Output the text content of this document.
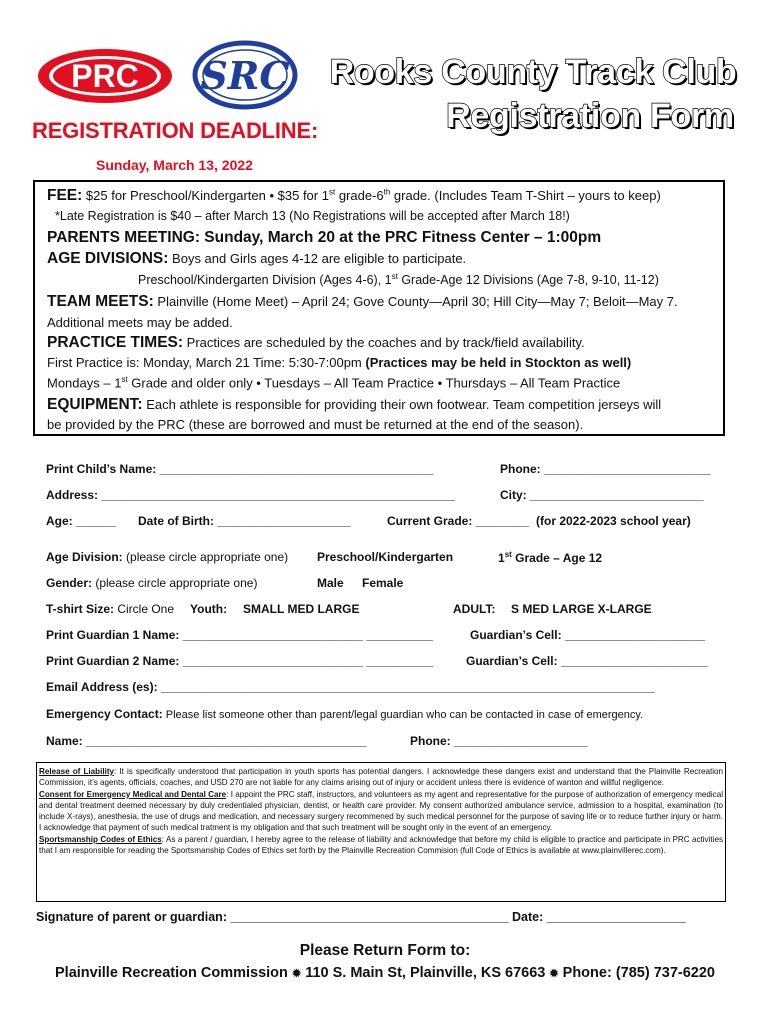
PRC SRC	Rooks County Track Club
Registration Form
REGISTRATION DEADLINE:
Sunday, March 13, 2022
FEE: $25 for Preschool/Kindergarten • $35 for 1st grade-6th grade. (Includes Team T-Shirt – yours to keep)
*Late Registration is $40 – after March 13 (No Registrations will be accepted after March 18!)
PARENTS MEETING: Sunday, March 20 at the PRC Fitness Center – 1:00pm
AGE DIVISIONS: Boys and Girls ages 4-12 are eligible to participate.
Preschool/Kindergarten Division (Ages 4-6), 1st Grade-Age 12 Divisions (Age 7-8, 9-10, 11-12)
TEAM MEETS: Plainville (Home Meet) – April 24; Gove County—April 30; Hill City—May 7; Beloit—May 7.
Additional meets may be added.
PRACTICE TIMES: Practices are scheduled by the coaches and by track/field availability.
First Practice is: Monday, March 21 Time: 5:30-7:00pm (Practices may be held in Stockton as well)
Mondays – 1st Grade and older only • Tuesdays – All Team Practice • Thursdays – All Team Practice
EQUIPMENT: Each athlete is responsible for providing their own footwear. Team competition jerseys will
be provided by the PRC (these are borrowed and must be returned at the end of the season).
Print Child’s Name: _________________________________________	Phone: _________________________
Address: _____________________________________________________	City: __________________________
Age: ______ Date of Birth: ____________________	Current Grade: ________ (for 2022-2023 school year)
Age Division: (please circle appropriate one) Preschool/Kindergarten	1st Grade – Age 12
Gender: (please circle appropriate one)	Male Female
T-shirt Size: Circle One Youth: SMALL MED LARGE	ADULT: S MED LARGE X-LARGE
Print Guardian 1 Name: ___________________________ __________	Guardian’s Cell: _____________________
Print Guardian 2 Name: ___________________________ __________	Guardian’s Cell: ______________________
Email Address (es): __________________________________________________________________________
Emergency Contact: Please list someone other than parent/legal guardian who can be contacted in case of emergency.
Name: __________________________________________	Phone: ____________________

Release of Liability: It is specifically understood that participation in youth sports has potential dangers. I acknowledge these dangers exist and understand that the Plainville Recreation Commission, it’s agents, officials, coaches, and USD 270 are not liable for any claims arising out of injury or accident unless there is evidence of wanton and willful negligence.

Consent for Emergency Medical and Dental Care: I appoint the PRC staff, instructors, and volunteers as my agent and representative for the purpose of authorization of emergency medical and dental treatment deemed necessary by duly credentialed physician, dentist, or health care provider. My consent authorized ambulance service, admission to a hospital, examination (to include X-rays), anesthesia, the use of drugs and medication, and necessary surgery recommened by such medical personnel for the purpose of saving life or to reduce further injury or harm. I acknowledge that payment of such medical tratment is my obligation and that such treatment will be sought only in the event of an emergency.

Sportsmanship Codes of Ethics: As a parent / guardian, I hereby agree to the release of liability and acknowledge that before my child is eligible to practice and participate in PRC activities that I am responsible for reading the Sportsmanship Codes of Ethics set forth by the Plainville Recreation Commision (full Code of Ethics is available at www.plainvillerec.com).

Signature of parent or guardian: ________________________________________ Date: ____________________
Please Return Form to:
Plainville Recreation Commission ✹ 110 S. Main St, Plainville, KS 67663 ✹ Phone: (785) 737-6220
